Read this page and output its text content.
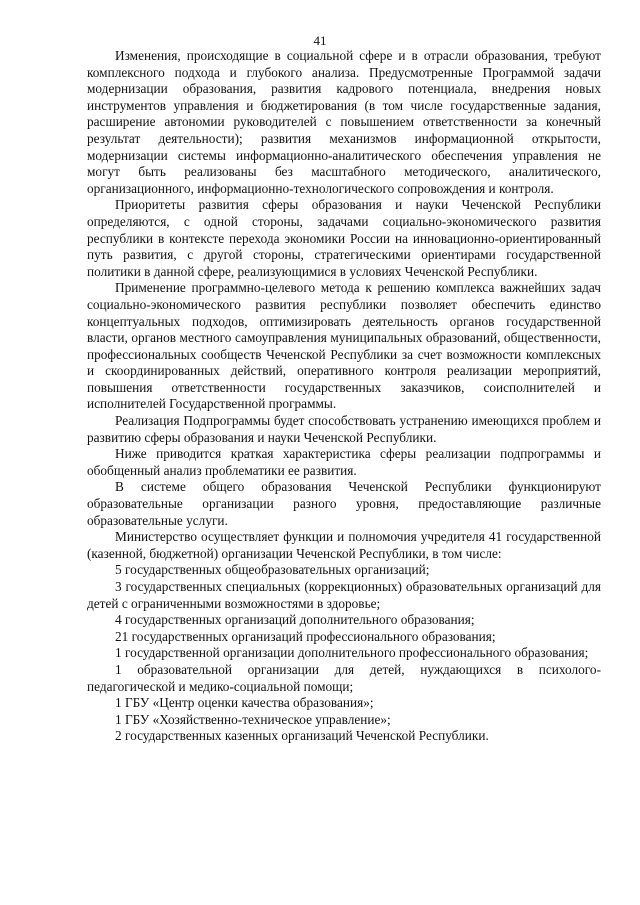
41

Изменения, происходящие в социальной сфере и в отрасли образования, требуют комплексного подхода и глубокого анализа. Предусмотренные Программой задачи модернизации образования, развития кадрового потенциала, внедрения новых инструментов управления и бюджетирования (в том числе государственные задания, расширение автономии руководителей с повышением ответственности за конечный результат деятельности); развития механизмов информационной открытости, модернизации системы информационно-аналитического обеспечения управления не могут быть реализованы без масштабного методического, аналитического, организационного, информационно-технологического сопровождения и контроля.

Приоритеты развития сферы образования и науки Чеченской Республики определяются, с одной стороны, задачами социально-экономического развития республики в контексте перехода экономики России на инновационно-ориентированный путь развития, с другой стороны, стратегическими ориентирами государственной политики в данной сфере, реализующимися в условиях Чеченской Республики.

Применение программно-целевого метода к решению комплекса важнейших задач социально-экономического развития республики позволяет обеспечить единство концептуальных подходов, оптимизировать деятельность органов государственной власти, органов местного самоуправления муниципальных образований, общественности, профессиональных сообществ Чеченской Республики за счет возможности комплексных и скоординированных действий, оперативного контроля реализации мероприятий, повышения ответственности государственных заказчиков, соисполнителей и исполнителей Государственной программы.

Реализация Подпрограммы будет способствовать устранению имеющихся проблем и развитию сферы образования и науки Чеченской Республики.

Ниже приводится краткая характеристика сферы реализации подпрограммы и обобщенный анализ проблематики ее развития.

В системе общего образования Чеченской Республики функционируют образовательные организации разного уровня, предоставляющие различные образовательные услуги.

Министерство осуществляет функции и полномочия учредителя 41 государственной (казенной, бюджетной) организации Чеченской Республики, в том числе:

5 государственных общеобразовательных организаций;

3 государственных специальных (коррекционных) образовательных организаций для детей с ограниченными возможностями в здоровье;

4 государственных организаций дополнительного образования;

21 государственных организаций профессионального образования;

1 государственной организации дополнительного профессионального образования;

1 образовательной организации для детей, нуждающихся в психолого-педагогической и медико-социальной помощи;

1 ГБУ «Центр оценки качества образования»;

1 ГБУ «Хозяйственно-техническое управление»;

2 государственных казенных организаций Чеченской Республики.
